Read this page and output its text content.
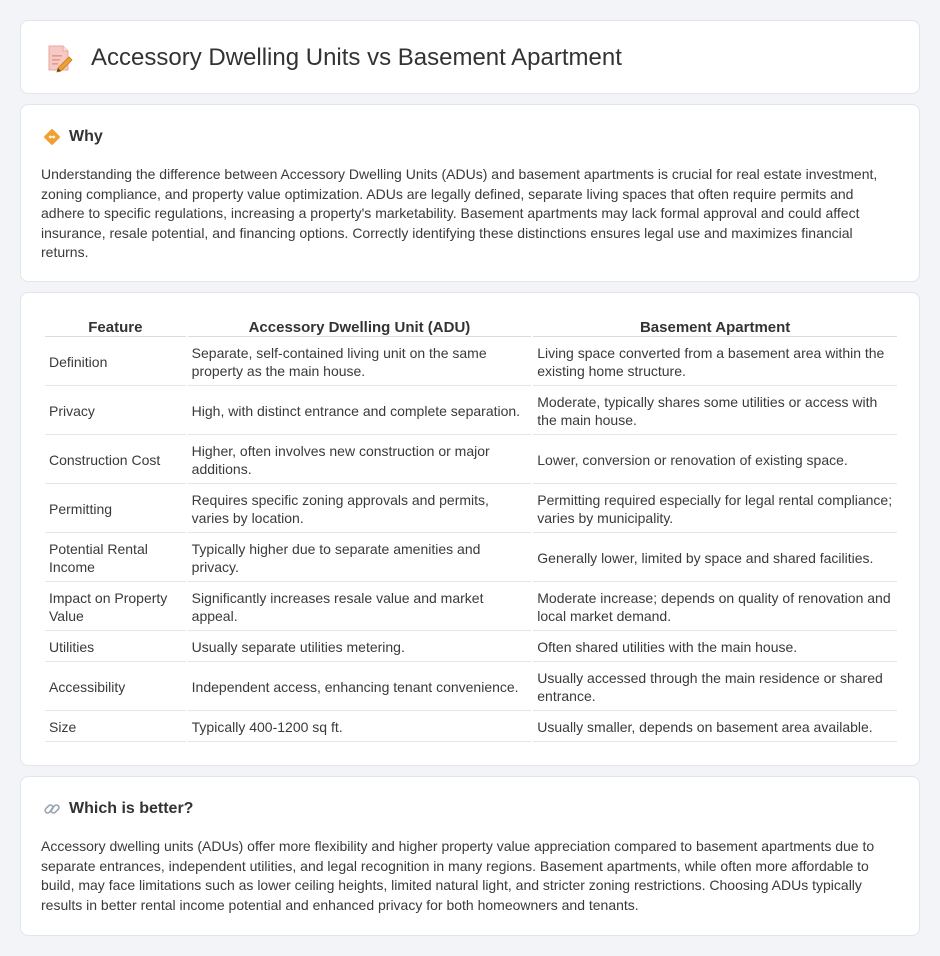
Accessory Dwelling Units vs Basement Apartment
Why

Understanding the difference between Accessory Dwelling Units (ADUs) and basement apartments is crucial for real estate investment, zoning compliance, and property value optimization. ADUs are legally defined, separate living spaces that often require permits and adhere to specific regulations, increasing a property's marketability. Basement apartments may lack formal approval and could affect insurance, resale potential, and financing options. Correctly identifying these distinctions ensures legal use and maximizes financial returns.

Feature	Accessory Dwelling Unit (ADU)	Basement Apartment
Definition	Separate, self-contained living unit on the same property as the main house.	Living space converted from a basement area within the existing home structure.
Privacy	High, with distinct entrance and complete separation.	Moderate, typically shares some utilities or access with the main house.
Construction Cost	Higher, often involves new construction or major additions.	Lower, conversion or renovation of existing space.
Permitting	Requires specific zoning approvals and permits, varies by location.	Permitting required especially for legal rental compliance; varies by municipality.
Potential Rental Income	Typically higher due to separate amenities and privacy.	Generally lower, limited by space and shared facilities.
Impact on Property Value	Significantly increases resale value and market appeal.	Moderate increase; depends on quality of renovation and local market demand.
Utilities	Usually separate utilities metering.	Often shared utilities with the main house.
Accessibility	Independent access, enhancing tenant convenience.	Usually accessed through the main residence or shared entrance.
Size	Typically 400-1200 sq ft.	Usually smaller, depends on basement area available.
Which is better?

Accessory dwelling units (ADUs) offer more flexibility and higher property value appreciation compared to basement apartments due to separate entrances, independent utilities, and legal recognition in many regions. Basement apartments, while often more affordable to build, may face limitations such as lower ceiling heights, limited natural light, and stricter zoning restrictions. Choosing ADUs typically results in better rental income potential and enhanced privacy for both homeowners and tenants.
